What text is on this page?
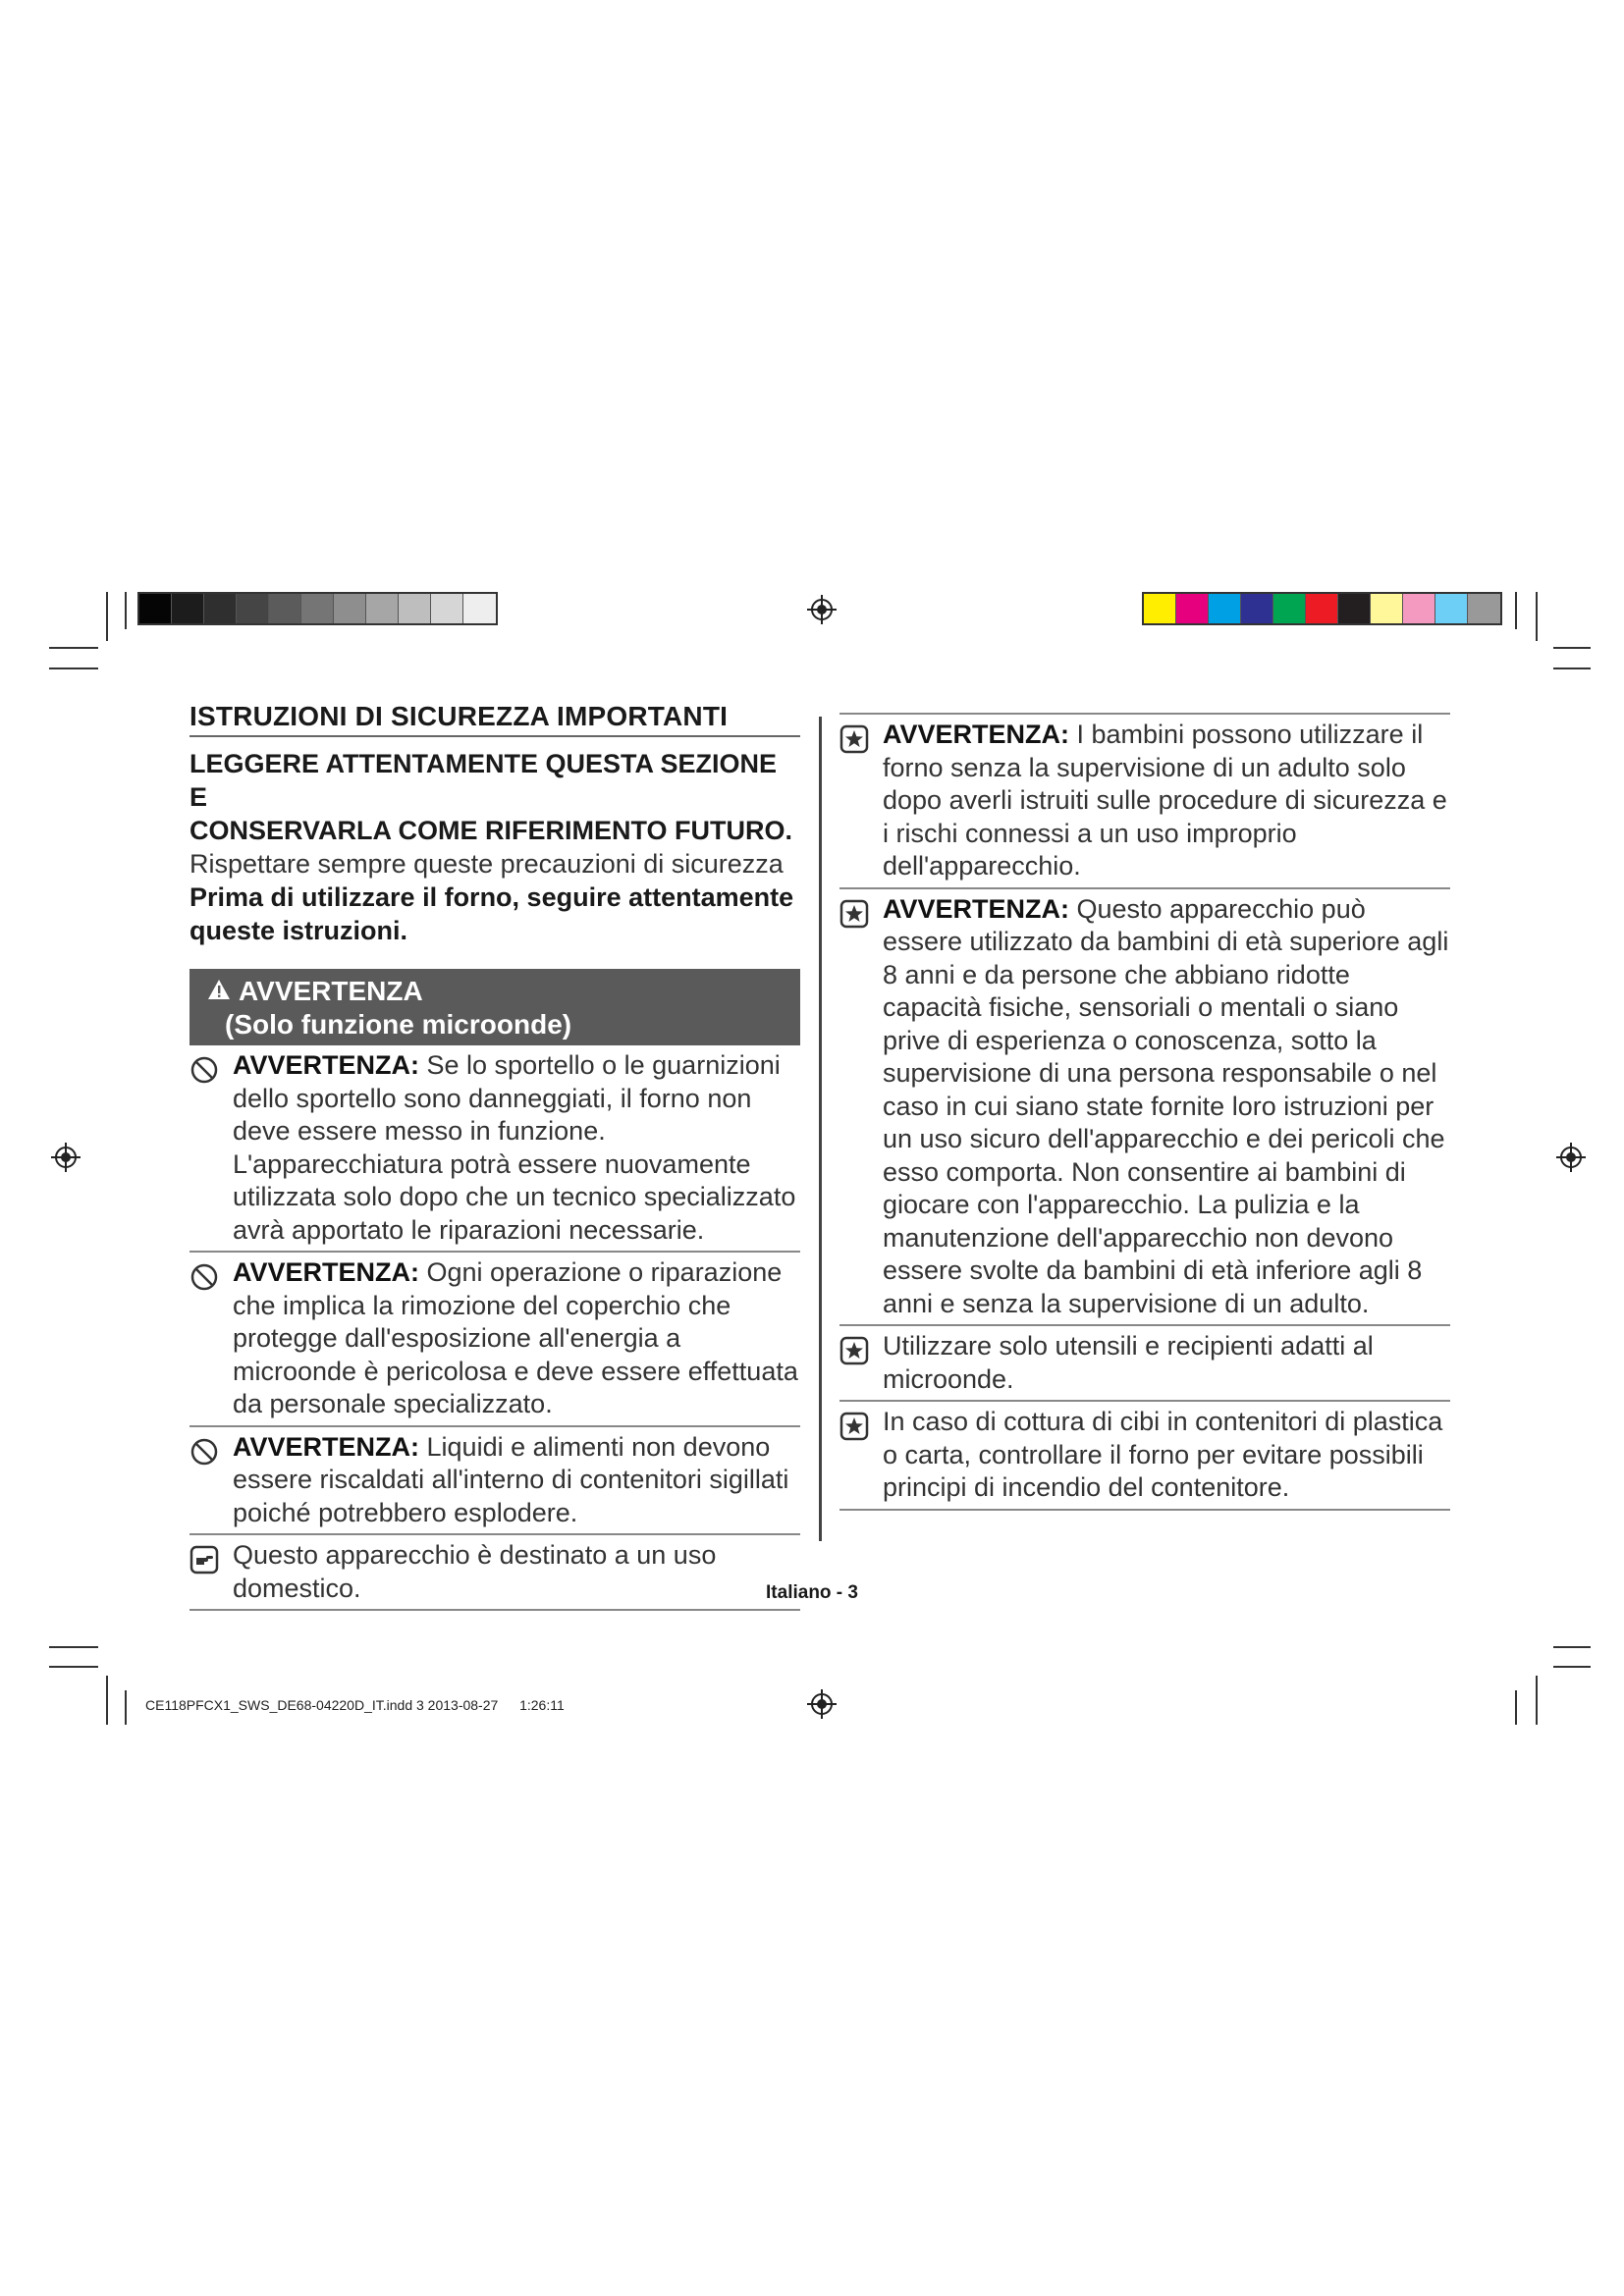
ISTRUZIONI DI SICUREZZA IMPORTANTI

LEGGERE ATTENTAMENTE QUESTA SEZIONE E

CONSERVARLA COME RIFERIMENTO FUTURO.

Rispettare sempre queste precauzioni di sicurezza

Prima di utilizzare il forno, seguire attentamente

queste istruzioni.

AVVERTENZA
(Solo funzione microonde)
AVVERTENZA: Se lo sportello o le guarnizioni dello sportello sono danneggiati, il forno non deve essere messo in funzione. L'apparecchiatura potrà essere nuovamente utilizzata solo dopo che un tecnico specializzato avrà apportato le riparazioni necessarie.
AVVERTENZA: Ogni operazione o riparazione che implica la rimozione del coperchio che protegge dall'esposizione all'energia a microonde è pericolosa e deve essere effettuata da personale specializzato.
AVVERTENZA: Liquidi e alimenti non devono essere riscaldati all'interno di contenitori sigillati poiché potrebbero esplodere.
Questo apparecchio è destinato a un uso domestico.
AVVERTENZA: I bambini possono utilizzare il forno senza la supervisione di un adulto solo dopo averli istruiti sulle procedure di sicurezza e i rischi connessi a un uso improprio dell'apparecchio.
AVVERTENZA: Questo apparecchio può essere utilizzato da bambini di età superiore agli 8 anni e da persone che abbiano ridotte capacità fisiche, sensoriali o mentali o siano prive di esperienza o conoscenza, sotto la supervisione di una persona responsabile o nel caso in cui siano state fornite loro istruzioni per un uso sicuro dell'apparecchio e dei pericoli che esso comporta. Non consentire ai bambini di giocare con l'apparecchio. La pulizia e la manutenzione dell'apparecchio non devono essere svolte da bambini di età inferiore agli 8 anni e senza la supervisione di un adulto.
Utilizzare solo utensili e recipienti adatti al microonde.
In caso di cottura di cibi in contenitori di plastica o carta, controllare il forno per evitare possibili principi di incendio del contenitore.
Italiano - 3
CE118PFCX1_SWS_DE68-04220D_IT.indd 3 2013-08-27 　 1:26:11
